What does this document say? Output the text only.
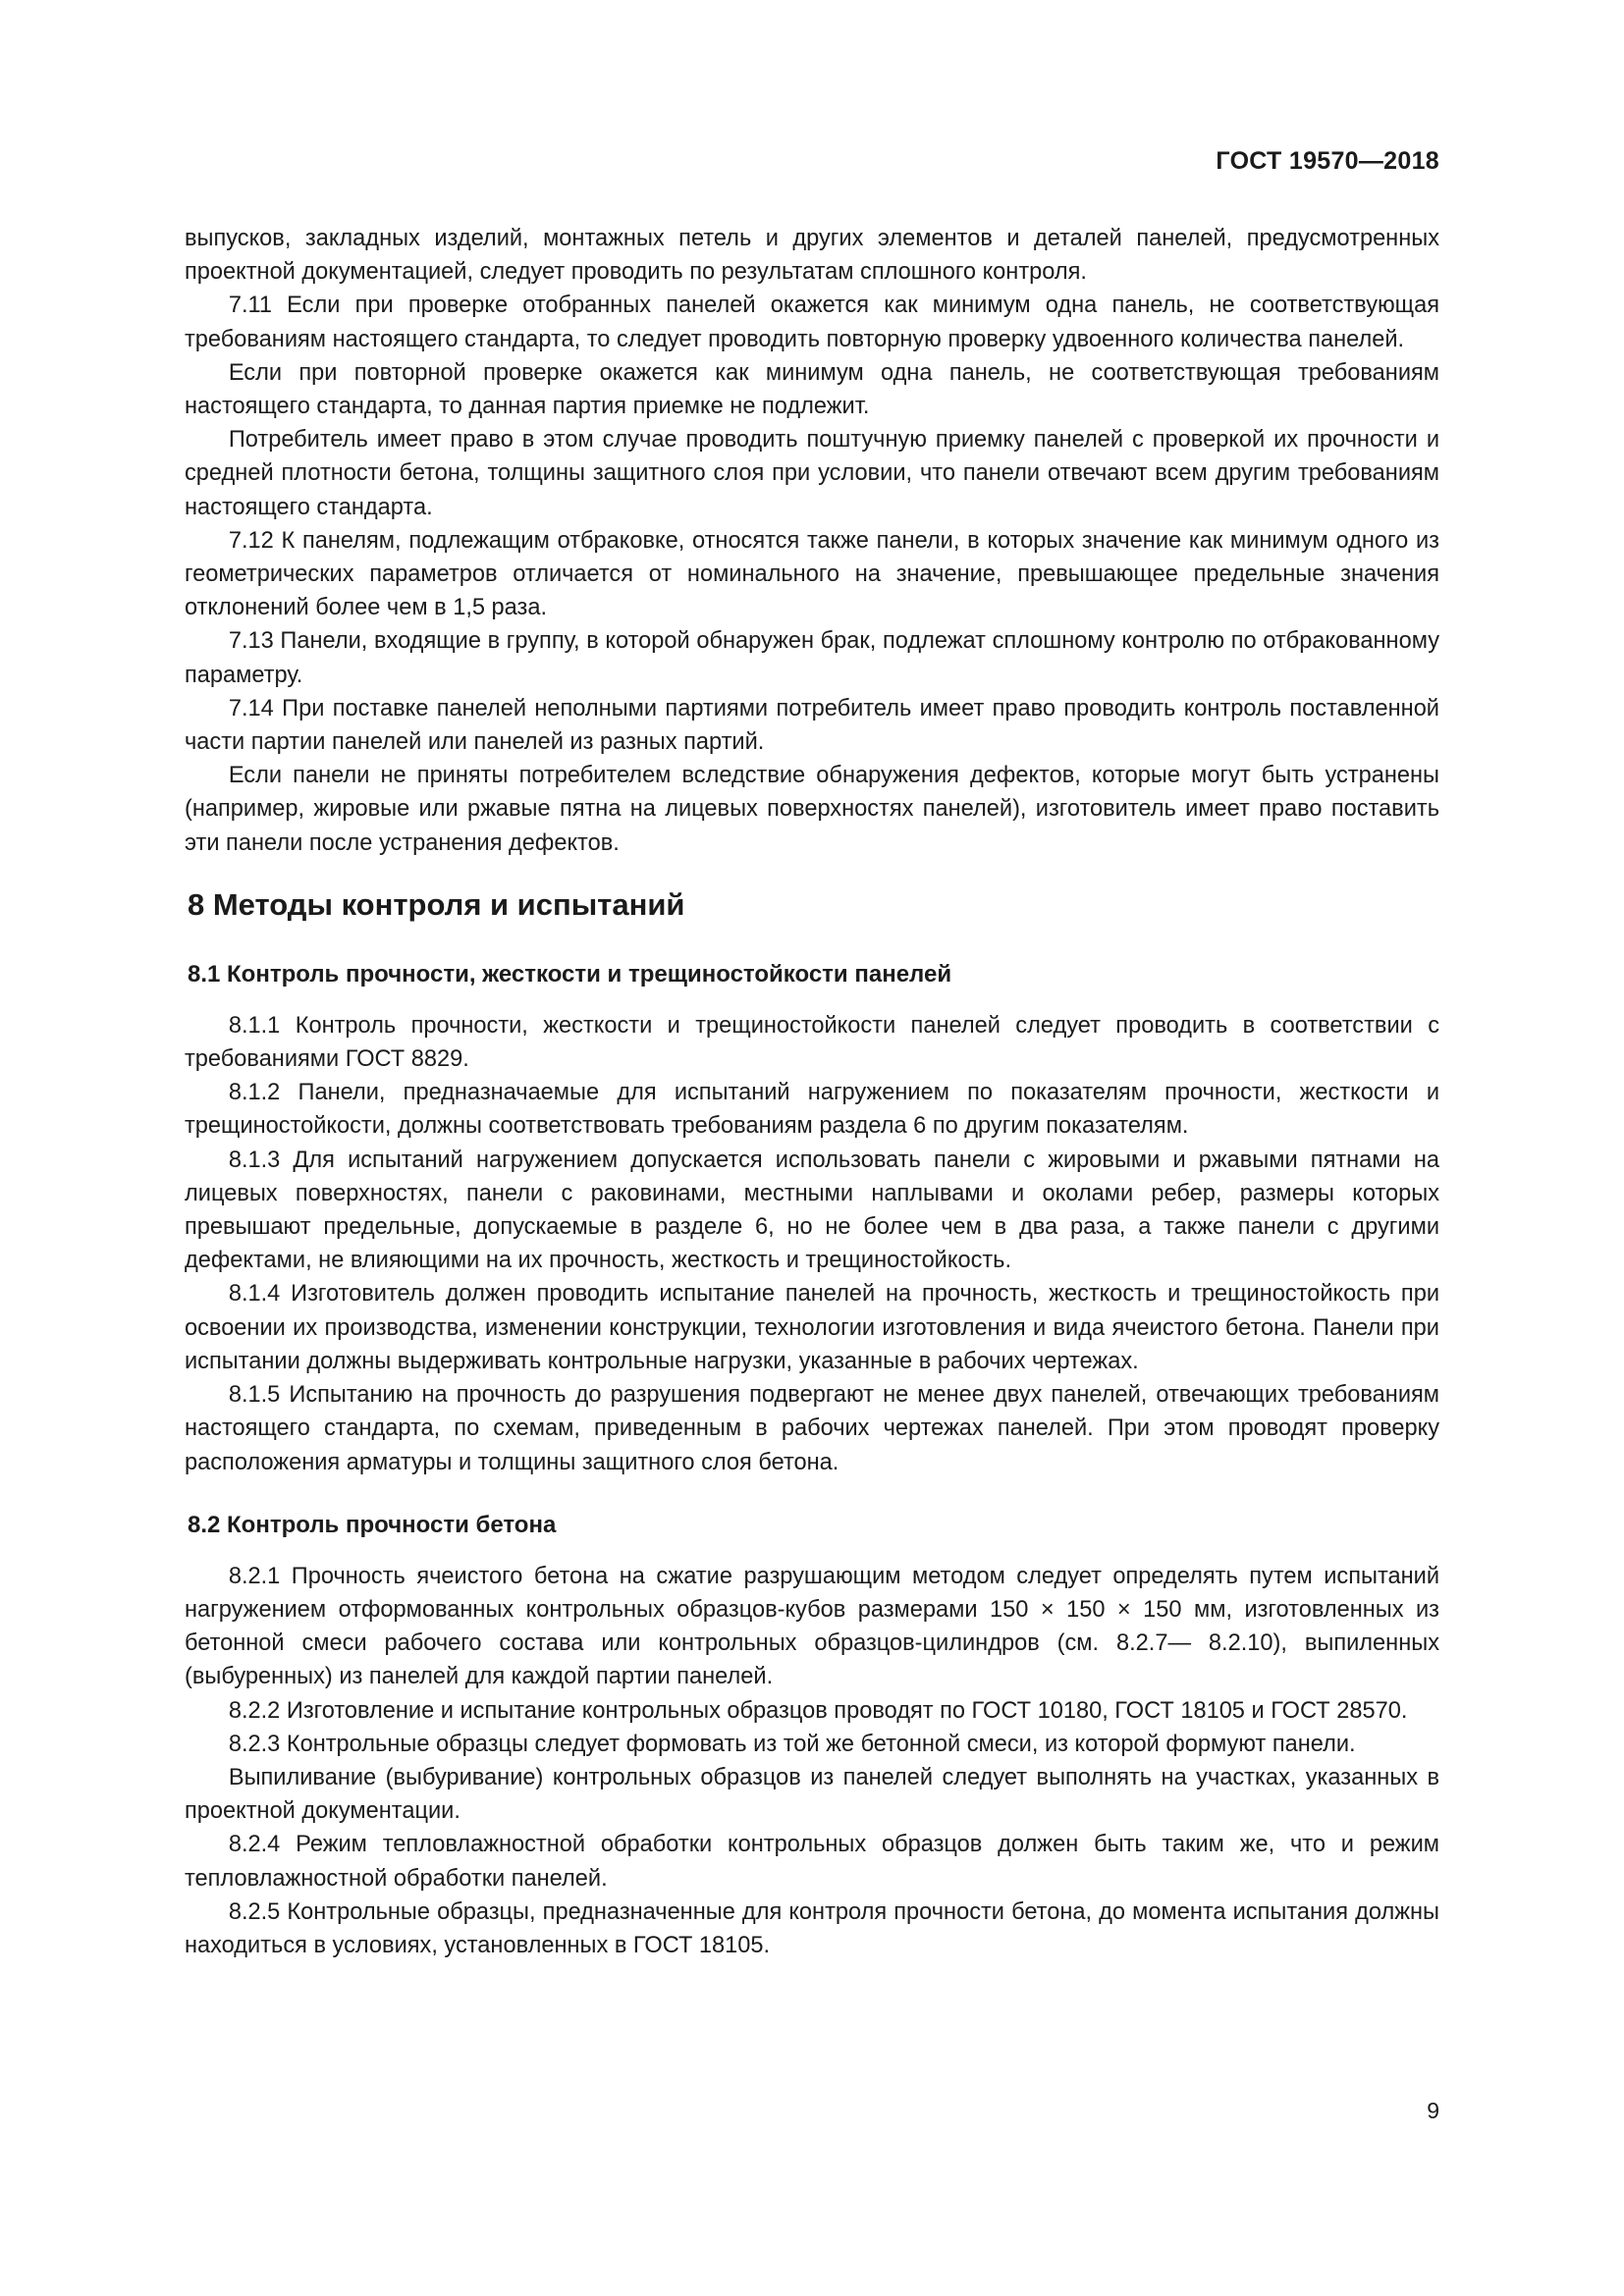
ГОСТ 19570—2018

выпусков, закладных изделий, монтажных петель и других элементов и деталей панелей, предусмотренных проектной документацией, следует проводить по результатам сплошного контроля.

7.11 Если при проверке отобранных панелей окажется как минимум одна панель, не соответствующая требованиям настоящего стандарта, то следует проводить повторную проверку удвоенного количества панелей.

Если при повторной проверке окажется как минимум одна панель, не соответствующая требованиям настоящего стандарта, то данная партия приемке не подлежит.

Потребитель имеет право в этом случае проводить поштучную приемку панелей с проверкой их прочности и средней плотности бетона, толщины защитного слоя при условии, что панели отвечают всем другим требованиям настоящего стандарта.

7.12 К панелям, подлежащим отбраковке, относятся также панели, в которых значение как минимум одного из геометрических параметров отличается от номинального на значение, превышающее предельные значения отклонений более чем в 1,5 раза.

7.13 Панели, входящие в группу, в которой обнаружен брак, подлежат сплошному контролю по отбракованному параметру.

7.14 При поставке панелей неполными партиями потребитель имеет право проводить контроль поставленной части партии панелей или панелей из разных партий.

Если панели не приняты потребителем вследствие обнаружения дефектов, которые могут быть устранены (например, жировые или ржавые пятна на лицевых поверхностях панелей), изготовитель имеет право поставить эти панели после устранения дефектов.

8 Методы контроля и испытаний
8.1 Контроль прочности, жесткости и трещиностойкости панелей

8.1.1 Контроль прочности, жесткости и трещиностойкости панелей следует проводить в соответствии с требованиями ГОСТ 8829.

8.1.2 Панели, предназначаемые для испытаний нагружением по показателям прочности, жесткости и трещиностойкости, должны соответствовать требованиям раздела 6 по другим показателям.

8.1.3 Для испытаний нагружением допускается использовать панели с жировыми и ржавыми пятнами на лицевых поверхностях, панели с раковинами, местными наплывами и околами ребер, размеры которых превышают предельные, допускаемые в разделе 6, но не более чем в два раза, а также панели с другими дефектами, не влияющими на их прочность, жесткость и трещиностойкость.

8.1.4 Изготовитель должен проводить испытание панелей на прочность, жесткость и трещиностойкость при освоении их производства, изменении конструкции, технологии изготовления и вида ячеистого бетона. Панели при испытании должны выдерживать контрольные нагрузки, указанные в рабочих чертежах.

8.1.5 Испытанию на прочность до разрушения подвергают не менее двух панелей, отвечающих требованиям настоящего стандарта, по схемам, приведенным в рабочих чертежах панелей. При этом проводят проверку расположения арматуры и толщины защитного слоя бетона.

8.2 Контроль прочности бетона

8.2.1 Прочность ячеистого бетона на сжатие разрушающим методом следует определять путем испытаний нагружением отформованных контрольных образцов-кубов размерами 150 × 150 × 150 мм, изготовленных из бетонной смеси рабочего состава или контрольных образцов-цилиндров (см. 8.2.7— 8.2.10), выпиленных (выбуренных) из панелей для каждой партии панелей.

8.2.2 Изготовление и испытание контрольных образцов проводят по ГОСТ 10180, ГОСТ 18105 и ГОСТ 28570.

8.2.3 Контрольные образцы следует формовать из той же бетонной смеси, из которой формуют панели.

Выпиливание (выбуривание) контрольных образцов из панелей следует выполнять на участках, указанных в проектной документации.

8.2.4 Режим тепловлажностной обработки контрольных образцов должен быть таким же, что и режим тепловлажностной обработки панелей.

8.2.5 Контрольные образцы, предназначенные для контроля прочности бетона, до момента испытания должны находиться в условиях, установленных в ГОСТ 18105.

9
